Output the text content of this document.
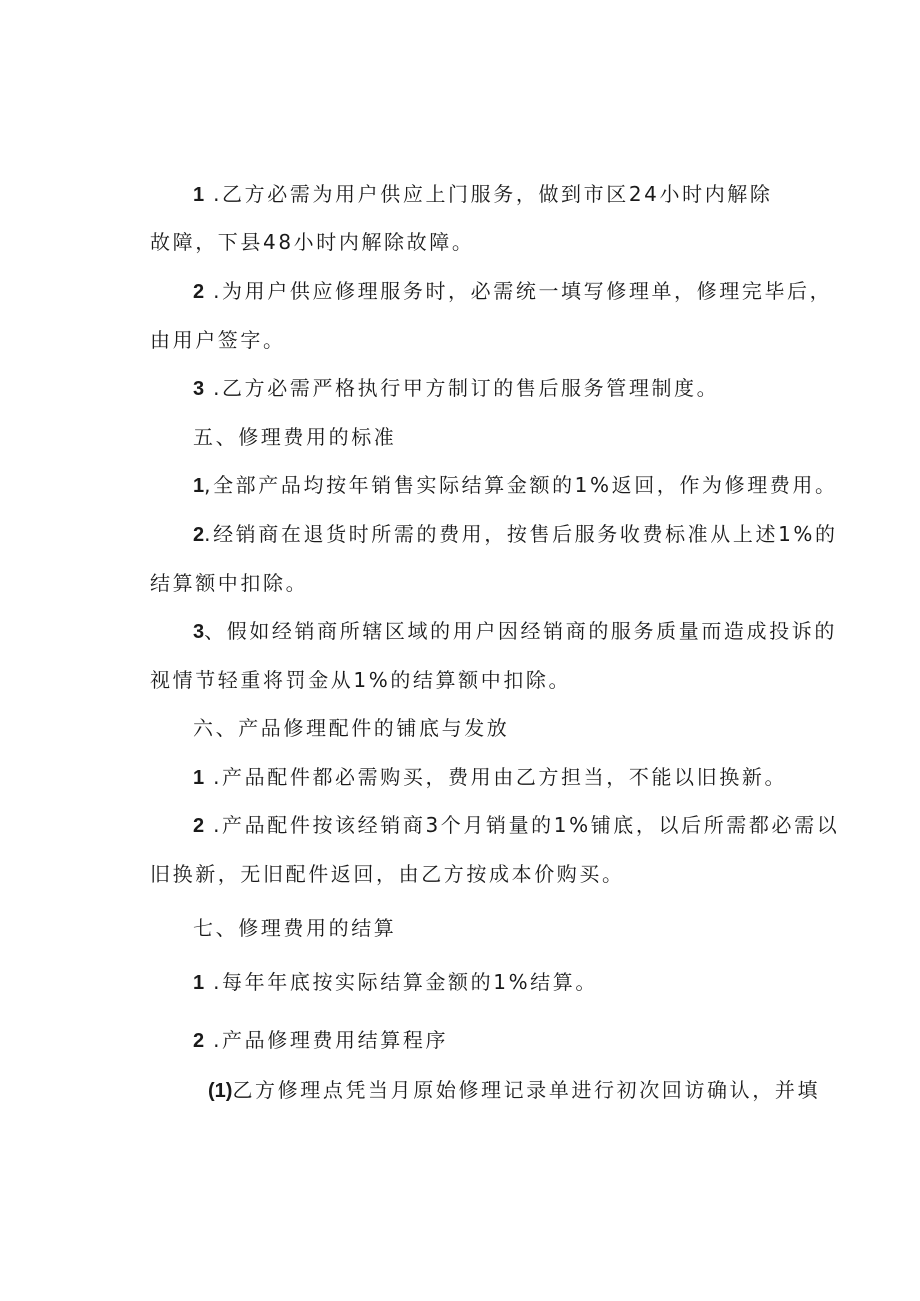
1 .乙方必需为用户供应上门服务，做到市区24小时内解除
故障，下县48小时内解除故障。
2 .为用户供应修理服务时，必需统一填写修理单，修理完毕后，
由用户签字。
3 .乙方必需严格执行甲方制订的售后服务管理制度。
五、修理费用的标准
1,全部产品均按年销售实际结算金额的1%返回，作为修理费用。
2.经销商在退货时所需的费用，按售后服务收费标准从上述1%的
结算额中扣除。
3、假如经销商所辖区域的用户因经销商的服务质量而造成投诉的
视情节轻重将罚金从1%的结算额中扣除。
六、产品修理配件的铺底与发放
1 .产品配件都必需购买，费用由乙方担当，不能以旧换新。
2 .产品配件按该经销商3个月销量的1%铺底，以后所需都必需以
旧换新，无旧配件返回，由乙方按成本价购买。
七、修理费用的结算
1 .每年年底按实际结算金额的1%结算。
2 .产品修理费用结算程序
(1)乙方修理点凭当月原始修理记录单进行初次回访确认，并填
